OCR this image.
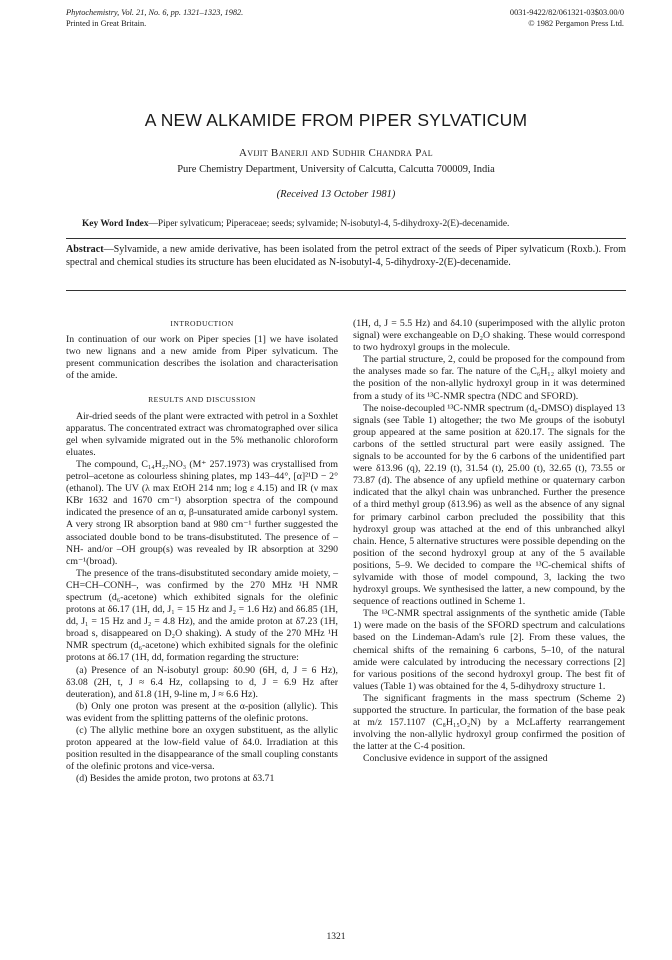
Phytochemistry, Vol. 21, No. 6, pp. 1321–1323, 1982.
Printed in Great Britain.
0031-9422/82/061321-03$03.00/0
© 1982 Pergamon Press Ltd.
A NEW ALKAMIDE FROM PIPER SYLVATICUM
Avijit Banerji and Sudhir Chandra Pal
Pure Chemistry Department, University of Calcutta, Calcutta 700009, India
(Received 13 October 1981)
Key Word Index—Piper sylvaticum; Piperaceae; seeds; sylvamide; N-isobutyl-4, 5-dihydroxy-2(E)-decenamide.
Abstract—Sylvamide, a new amide derivative, has been isolated from the petrol extract of the seeds of Piper sylvaticum (Roxb.). From spectral and chemical studies its structure has been elucidated as N-isobutyl-4, 5-dihydroxy-2(E)-decenamide.
INTRODUCTION

In continuation of our work on Piper species [1] we have isolated two new lignans and a new amide from Piper sylvaticum. The present communication describes the isolation and characterisation of the amide.

RESULTS AND DISCUSSION

Air-dried seeds of the plant were extracted with petrol in a Soxhlet apparatus. The concentrated extract was chromatographed over silica gel when sylvamide migrated out in the 5% methanolic chloroform eluates.

The compound, C₁₄H₂₇NO₃ (M⁺ 257.1973) was crystallised from petrol–acetone as colourless shining plates, mp 143–44°, [α]²¹D − 2° (ethanol). The UV (λ max EtOH 214 nm; log ε 4.15) and IR (ν max KBr 1632 and 1670 cm⁻¹) absorption spectra of the compound indicated the presence of an α, β-unsaturated amide carbonyl system. A very strong IR absorption band at 980 cm⁻¹ further suggested the associated double bond to be trans-disubstituted. The presence of –NH- and/or –OH group(s) was revealed by IR absorption at 3290 cm⁻¹(broad).

The presence of the trans-disubstituted secondary amide moiety, –CH=CH–CONH–, was confirmed by the 270 MHz ¹H NMR spectrum (d₆-acetone) which exhibited signals for the olefinic protons at δ6.17 (1H, dd, J₁ = 15 Hz and J₂ = 1.6 Hz) and δ6.85 (1H, dd, J₁ = 15 Hz and J₂ = 4.8 Hz), and the amide proton at δ7.23 (1H, broad s, disappeared on D₂O shaking). A study of the 270 MHz ¹H NMR spectrum (d₆-acetone) which exhibited signals for the olefinic protons at δ6.17 (1H, dd, formation regarding the structure:

(a) Presence of an N-isobutyl group: δ0.90 (6H, d, J = 6 Hz), δ3.08 (2H, t, J ≈ 6.4 Hz, collapsing to d, J = 6.9 Hz after deuteration), and δ1.8 (1H, 9-line m, J ≈ 6.6 Hz).

(b) Only one proton was present at the α-position (allylic). This was evident from the splitting patterns of the olefinic protons.

(c) The allylic methine bore an oxygen substituent, as the allylic proton appeared at the low-field value of δ4.0. Irradiation at this position resulted in the disappearance of the small coupling constants of the olefinic protons and vice-versa.

(d) Besides the amide proton, two protons at δ3.71

(1H, d, J = 5.5 Hz) and δ4.10 (superimposed with the allylic proton signal) were exchangeable on D₂O shaking. These would correspond to two hydroxyl groups in the molecule.

The partial structure, 2, could be proposed for the compound from the analyses made so far. The nature of the C₆H₁₂ alkyl moiety and the position of the non-allylic hydroxyl group in it was determined from a study of its ¹³C-NMR spectra (NDC and SFORD).

The noise-decoupled ¹³C-NMR spectrum (d₆-DMSO) displayed 13 signals (see Table 1) altogether; the two Me groups of the isobutyl group appeared at the same position at δ20.17. The signals for the carbons of the settled structural part were easily assigned. The signals to be accounted for by the 6 carbons of the unidentified part were δ13.96 (q), 22.19 (t), 31.54 (t), 25.00 (t), 32.65 (t), 73.55 or 73.87 (d). The absence of any upfield methine or quaternary carbon indicated that the alkyl chain was unbranched. Further the presence of a third methyl group (δ13.96) as well as the absence of any signal for primary carbinol carbon precluded the possibility that this hydroxyl group was attached at the end of this unbranched alkyl chain. Hence, 5 alternative structures were possible depending on the position of the second hydroxyl group at any of the 5 available positions, 5–9. We decided to compare the ¹³C-chemical shifts of sylvamide with those of model compound, 3, lacking the two hydroxyl groups. We synthesised the latter, a new compound, by the sequence of reactions outlined in Scheme 1.

The ¹³C-NMR spectral assignments of the synthetic amide (Table 1) were made on the basis of the SFORD spectrum and calculations based on the Lindeman-Adam's rule [2]. From these values, the chemical shifts of the remaining 6 carbons, 5–10, of the natural amide were calculated by introducing the necessary corrections [2] for various positions of the second hydroxyl group. The best fit of values (Table 1) was obtained for the 4, 5-dihydroxy structure 1.

The significant fragments in the mass spectrum (Scheme 2) supported the structure. In particular, the formation of the base peak at m/z 157.1107 (C₈H₁₅O₂N) by a McLafferty rearrangement involving the non-allylic hydroxyl group confirmed the position of the latter at the C-4 position.

Conclusive evidence in support of the assigned

1321
